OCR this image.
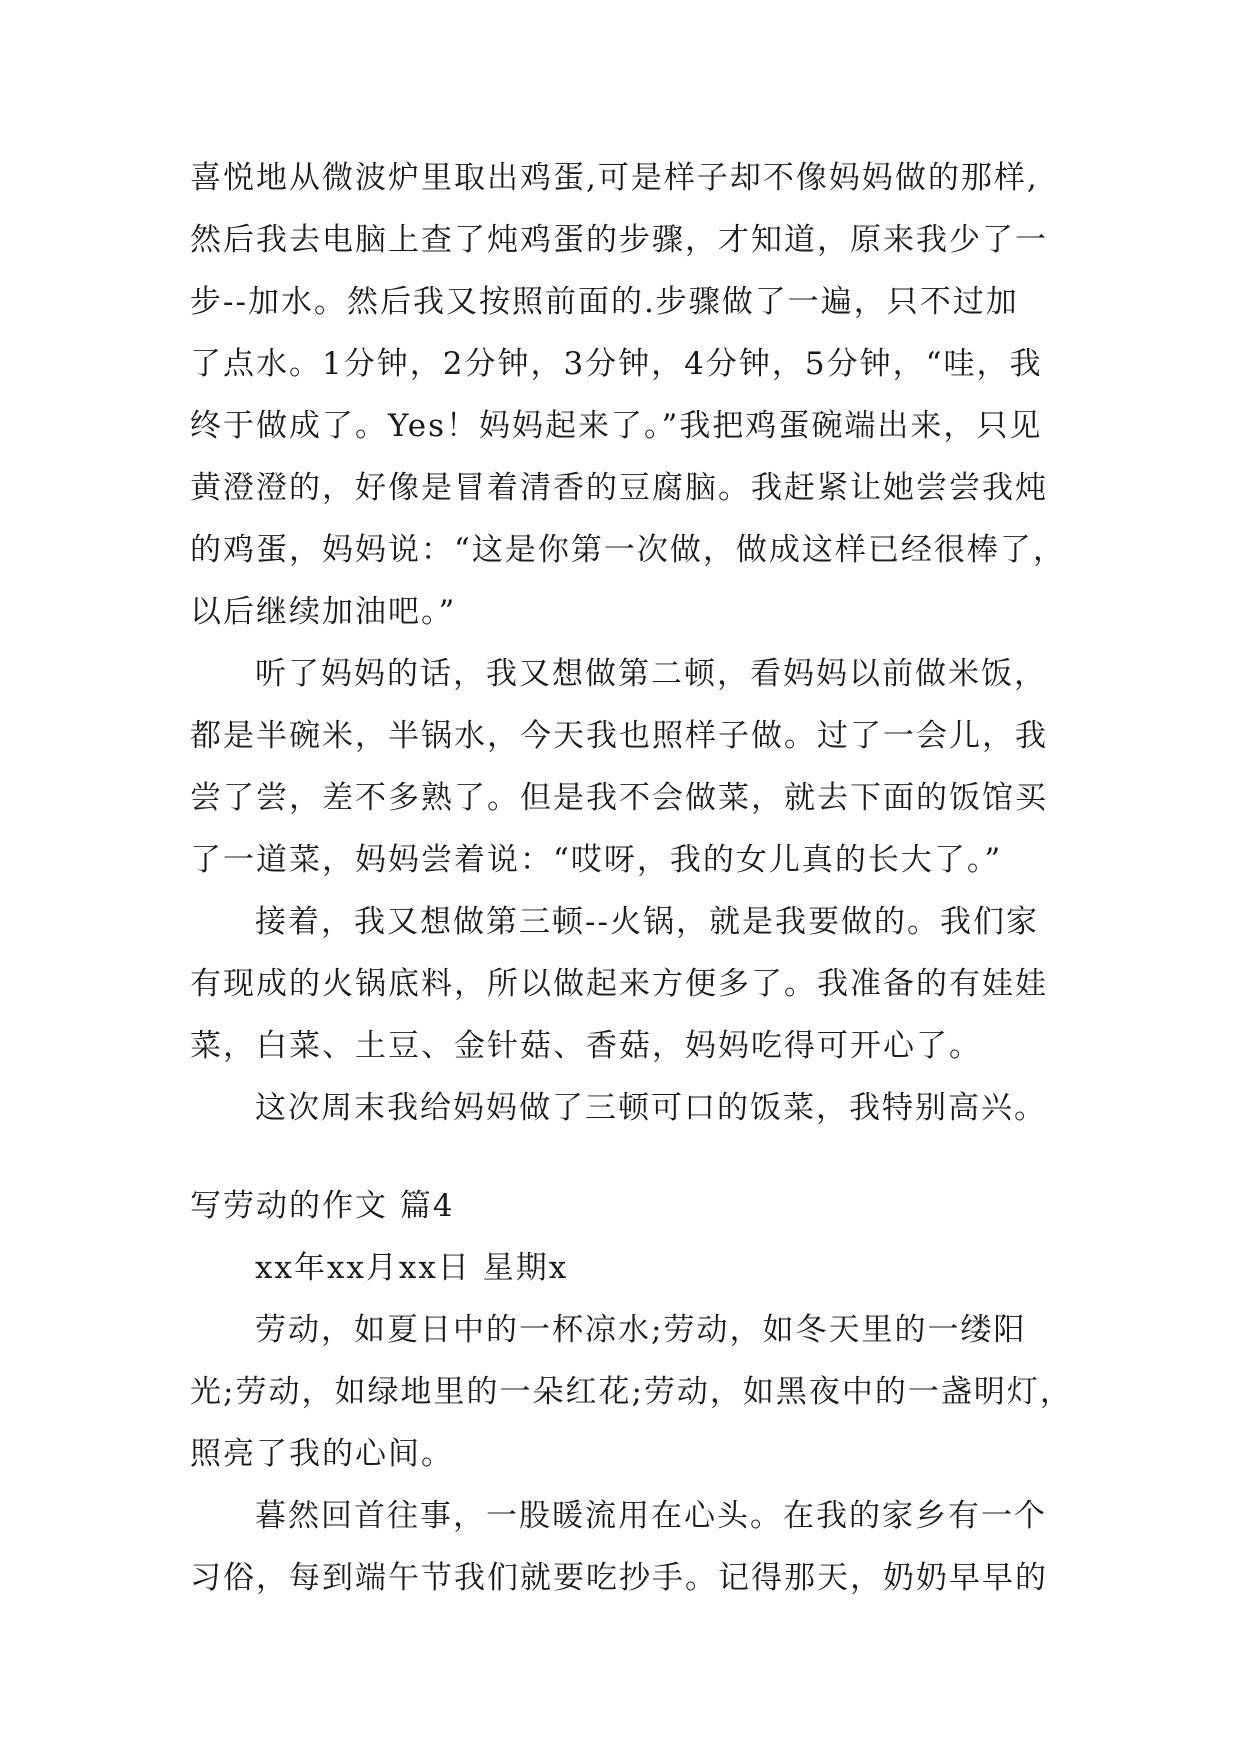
喜悦地从微波炉里取出鸡蛋,可是样子却不像妈妈做的那样,
然后我去电脑上查了炖鸡蛋的步骤，才知道，原来我少了一
步--加水。然后我又按照前面的.步骤做了一遍，只不过加
了点水。1分钟，2分钟，3分钟，4分钟，5分钟，“哇，我
终于做成了。Yes！妈妈起来了。”我把鸡蛋碗端出来，只见
黄澄澄的，好像是冒着清香的豆腐脑。我赶紧让她尝尝我炖
的鸡蛋，妈妈说：“这是你第一次做，做成这样已经很棒了，
以后继续加油吧。”
听了妈妈的话，我又想做第二顿，看妈妈以前做米饭，
都是半碗米，半锅水，今天我也照样子做。过了一会儿，我
尝了尝，差不多熟了。但是我不会做菜，就去下面的饭馆买
了一道菜，妈妈尝着说：“哎呀，我的女儿真的长大了。”
接着，我又想做第三顿--火锅，就是我要做的。我们家
有现成的火锅底料，所以做起来方便多了。我准备的有娃娃
菜，白菜、土豆、金针菇、香菇，妈妈吃得可开心了。
这次周末我给妈妈做了三顿可口的饭菜，我特别高兴。
写劳动的作文 篇4
xx年xx月xx日 星期x
劳动，如夏日中的一杯凉水;劳动，如冬天里的一缕阳
光;劳动，如绿地里的一朵红花;劳动，如黑夜中的一盏明灯，
照亮了我的心间。
暮然回首往事，一股暖流用在心头。在我的家乡有一个
习俗，每到端午节我们就要吃抄手。记得那天，奶奶早早的
